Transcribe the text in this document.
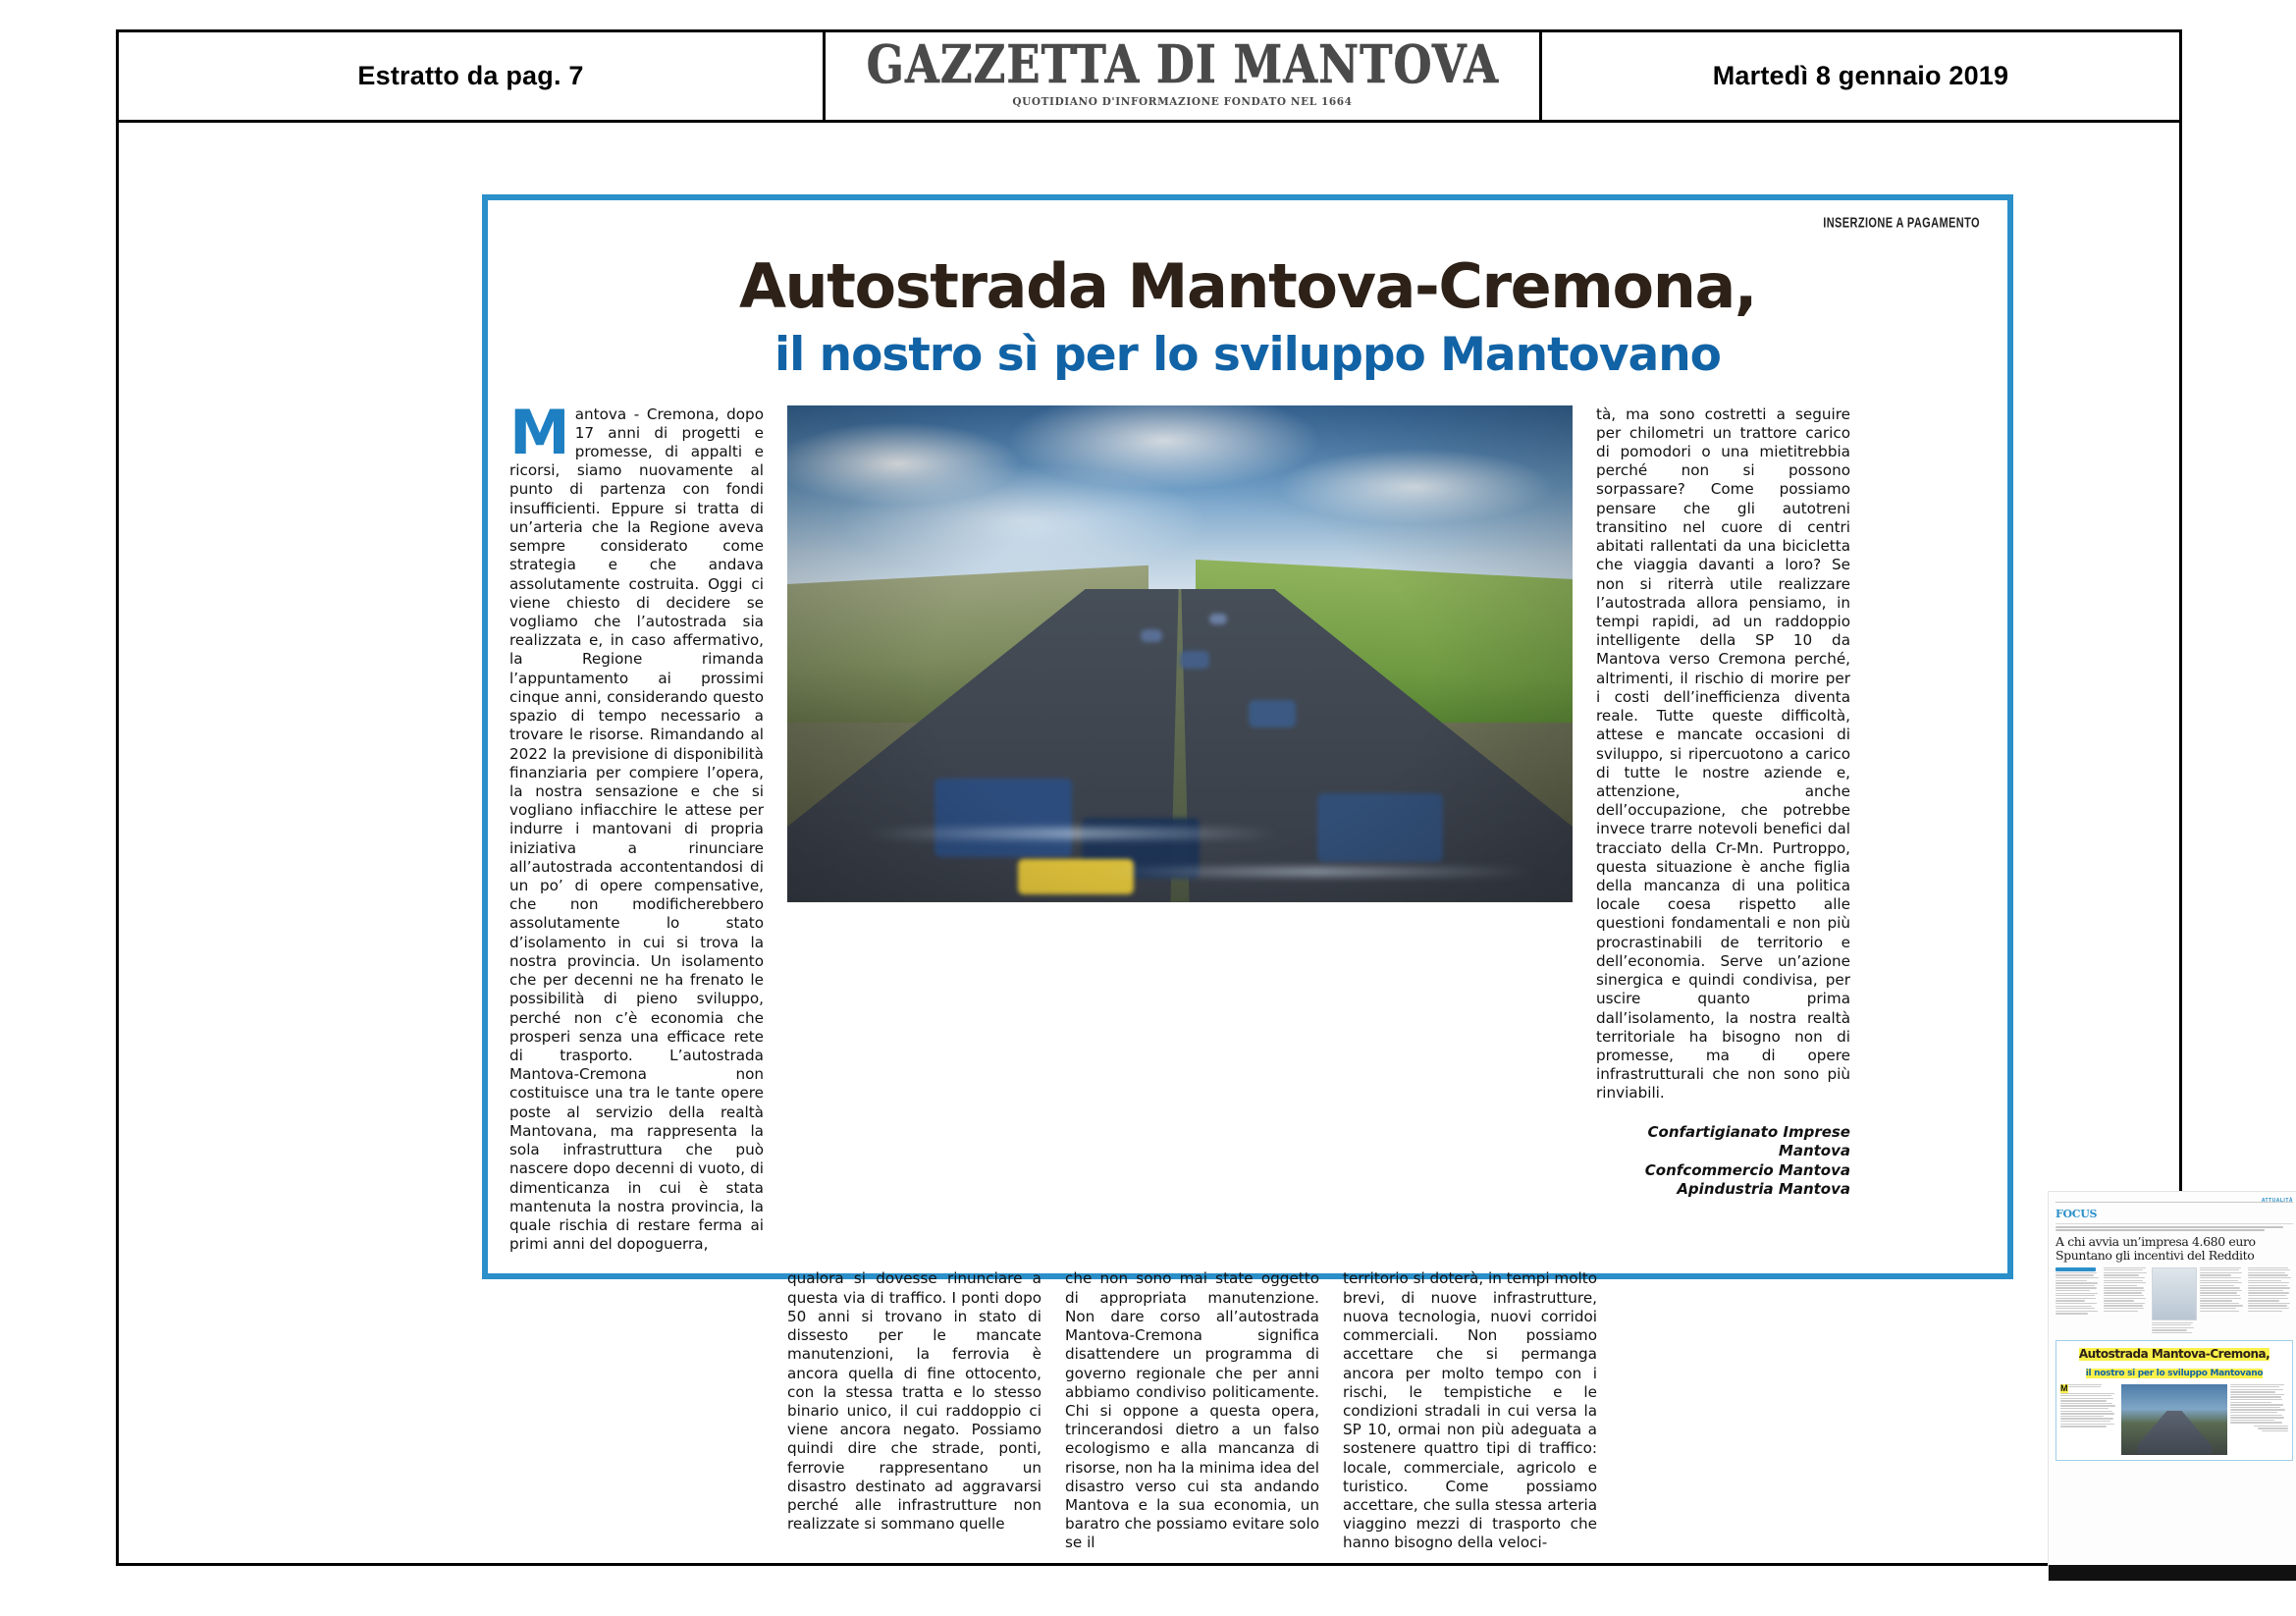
Estratto da pag. 7	GAZZETTA DI MANTOVA
QUOTIDIANO D'INFORMAZIONE FONDATO NEL 1664
Martedì 8 gennaio 2019
INSERZIONE A PAGAMENTO
Autostrada Mantova-Cremona,
il nostro sì per lo sviluppo Mantovano

Mantova - Cremona, dopo 17 anni di progetti e promesse, di appalti e ricorsi, siamo nuovamente al punto di partenza con fondi insufficienti. Eppure si tratta di un’arteria che la Regione aveva sempre considerato come strategia e che andava assolutamente costruita. Oggi ci viene chiesto di decidere se vogliamo che l’autostrada sia realizzata e, in caso affermativo, la Regione rimanda l’appuntamento ai prossimi cinque anni, considerando questo spazio di tempo necessario a trovare le risorse. Rimandando al 2022 la previsione di disponibilità finanziaria per compiere l’opera, la nostra sensazione e che si vogliano infiacchire le attese per indurre i mantovani di propria iniziativa a rinunciare all’autostrada accontentandosi di un po’ di opere compensative, che non modificherebbero assolutamente lo stato d’isolamento in cui si trova la nostra provincia. Un isolamento che per decenni ne ha frenato le possibilità di pieno sviluppo, perché non c’è economia che prosperi senza una efficace rete di trasporto. L’autostrada Mantova-Cremona non costituisce una tra le tante opere poste al servizio della realtà Mantovana, ma rappresenta la sola infrastruttura che può nascere dopo decenni di vuoto, di dimenticanza in cui è stata mantenuta la nostra provincia, la quale rischia di restare ferma ai primi anni del dopoguerra,

tà, ma sono costretti a seguire per chilometri un trattore carico di pomodori o una mietitrebbia perché non si possono sorpassare? Come possiamo pensare che gli autotreni transitino nel cuore di centri abitati rallentati da una bicicletta che viaggia davanti a loro? Se non si riterrà utile realizzare l’autostrada allora pensiamo, in tempi rapidi, ad un raddoppio intelligente della SP 10 da Mantova verso Cremona perché, altrimenti, il rischio di morire per i costi dell’inefficienza diventa reale. Tutte queste difficoltà, attese e mancate occasioni di sviluppo, si ripercuotono a carico di tutte le nostre aziende e, attenzione, anche dell’occupazione, che potrebbe invece trarre notevoli benefici dal tracciato della Cr-Mn. Purtroppo, questa situazione è anche figlia della mancanza di una politica locale coesa rispetto alle questioni fondamentali e non più procrastinabili de territorio e dell’economia. Serve un’azione sinergica e quindi condivisa, per uscire quanto prima dall’isolamento, la nostra realtà territoriale ha bisogno non di promesse, ma di opere infrastrutturali che non sono più rinviabili.

Confartigianato Imprese Mantova
Confcommercio Mantova
Apindustria Mantova

qualora si dovesse rinunciare a questa via di traffico. I ponti dopo 50 anni si trovano in stato di dissesto per le mancate manutenzioni, la ferrovia è ancora quella di fine ottocento, con la stessa tratta e lo stesso binario unico, il cui raddoppio ci viene ancora negato. Possiamo quindi dire che strade, ponti, ferrovie rappresentano un disastro destinato ad aggravarsi perché alle infrastrutture non realizzate si sommano quelle

che non sono mai state oggetto di appropriata manutenzione. Non dare corso all’autostrada Mantova-Cremona significa disattendere un programma di governo regionale che per anni abbiamo condiviso politicamente. Chi si oppone a questa opera, trincerandosi dietro a un falso ecologismo e alla mancanza di risorse, non ha la minima idea del disastro verso cui sta andando Mantova e la sua economia, un baratro che possiamo evitare solo se il

territorio si doterà, in tempi molto brevi, di nuove infrastrutture, nuova tecnologia, nuovi corridoi commerciali. Non possiamo accettare che si permanga ancora per molto tempo con i rischi, le tempistiche e le condizioni stradali in cui versa la SP 10, ormai non più adeguata a sostenere quattro tipi di traffico: locale, commerciale, agricolo e turistico. Come possiamo accettare, che sulla stessa arteria viaggino mezzi di trasporto che hanno bisogno della veloci-

ATTUALITÀ
FOCUS
A chi avvia un’impresa 4.680 euro
Spuntano gli incentivi del Reddito
Autostrada Mantova-Cremona,
il nostro si per lo sviluppo Mantovano
M
